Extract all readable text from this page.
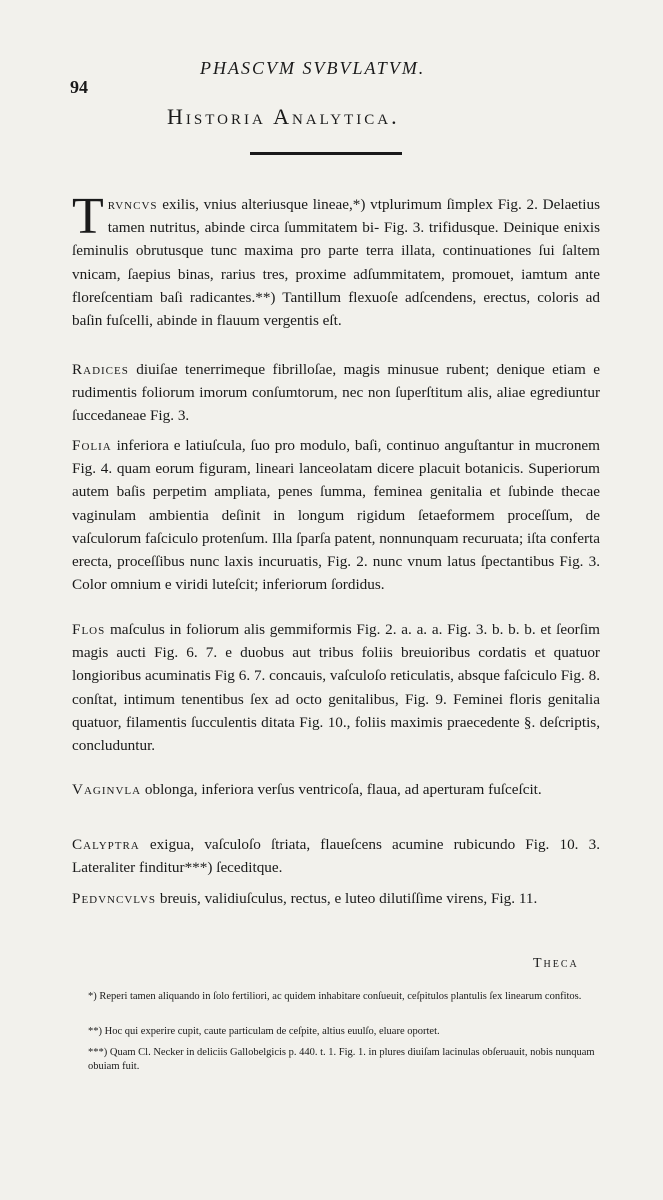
94
PHASCVM SVBVLATVM.
Historia Analytica.
Trvncvs exilis, vnius alteriusque lineae,*) vtplurimum ſimplex Fig. 2. Delaetius tamen nutritus, abinde circa ſummitatem bi- Fig. 3. trifidusque. Deinique enixis ſeminulis obrutusque tunc maxima pro parte terra illata, continuationes ſui ſaltem vnicam, ſaepius binas, rarius tres, proxime adſummitatem, promouet, iamtum ante floreſcentiam baſi radicantes.**) Tantillum flexuoſe adſcendens, erectus, coloris ad baſin fuſcelli, abinde in flauum vergentis eſt.
Radices diuiſae tenerrimeque fibrilloſae, magis minusue rubent; denique etiam e rudimentis foliorum imorum conſumtorum, nec non ſuperſtitum alis, aliae egrediuntur ſuccedaneae Fig. 3.
Folia inferiora e latiuſcula, ſuo pro modulo, baſi, continuo anguſtantur in mucronem Fig. 4. quam eorum figuram, lineari lanceolatam dicere placuit botanicis. Superiorum autem baſis perpetim ampliata, penes ſumma, feminea genitalia et ſubinde thecae vaginulam ambientia deſinit in longum rigidum ſetaeformem proceſſum, de vaſculorum faſciculo protenſum. Illa ſparſa patent, nonnunquam recuruata; iſta conferta erecta, proceſſibus nunc laxis incuruatis, Fig. 2. nunc vnum latus ſpectantibus Fig. 3. Color omnium e viridi luteſcit; inferiorum ſordidus.
Flos maſculus in foliorum alis gemmiformis Fig. 2. a. a. a. Fig. 3. b. b. b. et ſeorſim magis aucti Fig. 6. 7. e duobus aut tribus foliis breuioribus cordatis et quatuor longioribus acuminatis Fig 6. 7. concauis, vaſculoſo reticulatis, absque faſciculo Fig. 8. conſtat, intimum tenentibus ſex ad octo genitalibus, Fig. 9. Feminei floris genitalia quatuor, filamentis ſucculentis ditata Fig. 10., foliis maximis praecedente §. deſcriptis, concluduntur.
Vaginvla oblonga, inferiora verſus ventricoſa, flaua, ad aperturam fuſceſcit.
Calyptra exigua, vaſculoſo ſtriata, flaueſcens acumine rubicundo Fig. 10. 3. Lateraliter finditur***) ſeceditque.
Pedvncvlvs breuis, validiuſculus, rectus, e luteo dilutiſſime virens, Fig. 11.
Theca
*) Reperi tamen aliquando in ſolo fertiliori, ac quidem inhabitare conſueuit, ceſpitulos plantulis ſex linearum confitos.
**) Hoc qui experire cupit, caute particulam de ceſpite, altius euulſo, eluare oportet.
***) Quam Cl. Necker in deliciis Gallobelgicis p. 440. t. 1. Fig. 1. in plures diuiſam lacinulas obſeruauit, nobis nunquam obuiam fuit.
